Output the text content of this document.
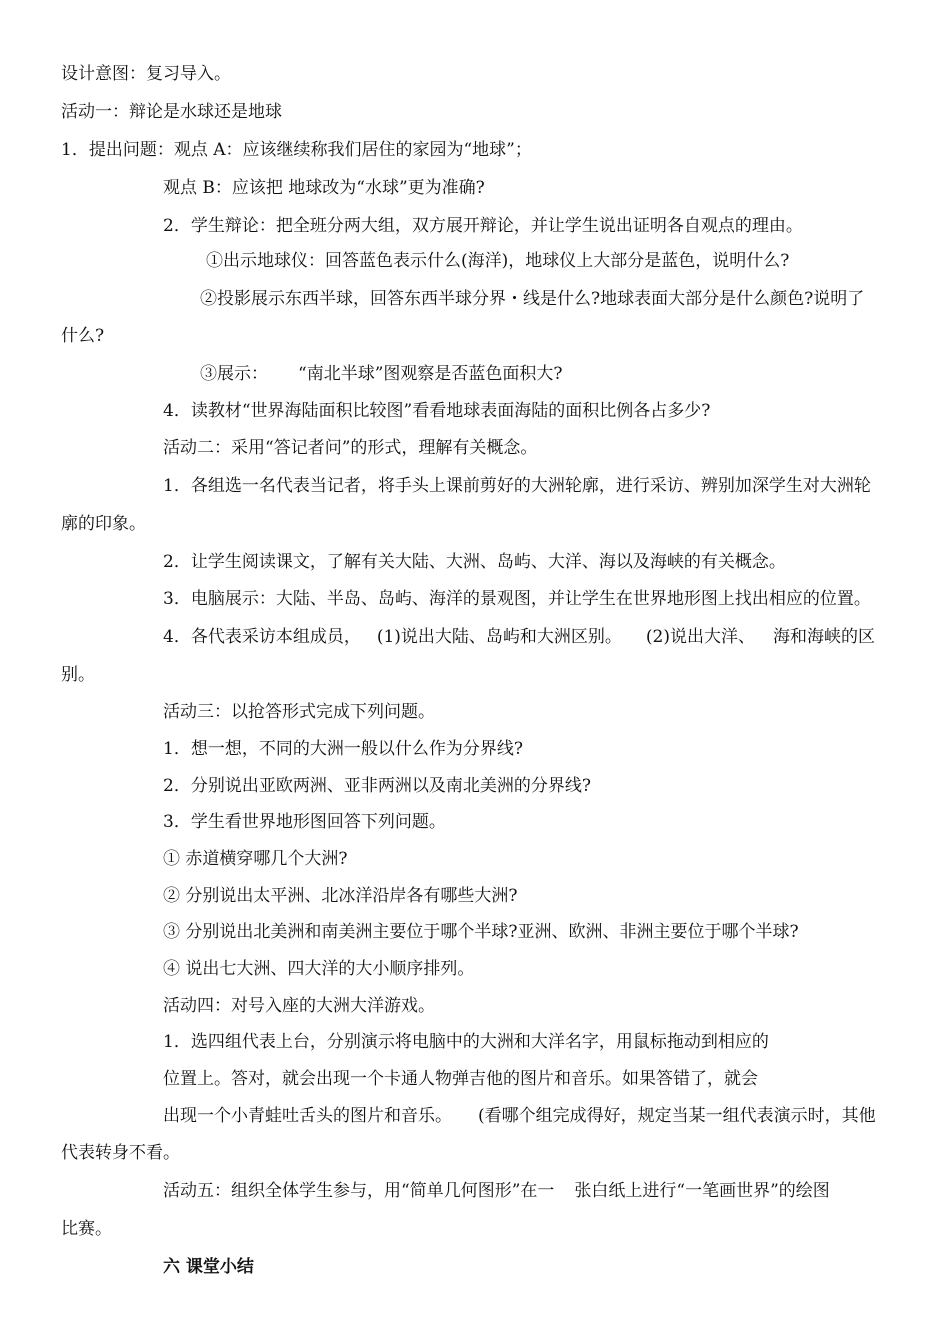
设计意图：复习导入。
活动一：辩论是水球还是地球
1．提出问题：观点 A：应该继续称我们居住的家园为“地球”；
观点 B：应该把 地球改为“水球”更为准确?
2．学生辩论：把全班分两大组，双方展开辩论，并让学生说出证明各自观点的理由。
①出示地球仪：回答蓝色表示什么(海洋)，地球仪上大部分是蓝色，说明什么?
②投影展示东西半球，回答东西半球分界・线是什么?地球表面大部分是什么颜色?说明了
什么?
③展示： “南北半球”图观察是否蓝色面积大?
4．读教材“世界海陆面积比较图”看看地球表面海陆的面积比例各占多少?
活动二：采用“答记者问”的形式，理解有关概念。
1．各组选一名代表当记者，将手头上课前剪好的大洲轮廓，进行采访、辨别加深学生对大洲轮
廓的印象。
2．让学生阅读课文，了解有关大陆、大洲、岛屿、大洋、海以及海峡的有关概念。
3．电脑展示：大陆、半岛、岛屿、海洋的景观图，并让学生在世界地形图上找出相应的位置。
4．各代表采访本组成员， (1)说出大陆、岛屿和大洲区别。 (2)说出大洋、 海和海峡的区
别。
活动三：以抢答形式完成下列问题。
1．想一想，不同的大洲一般以什么作为分界线?
2．分别说出亚欧两洲、亚非两洲以及南北美洲的分界线?
3．学生看世界地形图回答下列问题。
① 赤道横穿哪几个大洲?
② 分别说出太平洲、北冰洋沿岸各有哪些大洲?
③ 分别说出北美洲和南美洲主要位于哪个半球?亚洲、欧洲、非洲主要位于哪个半球?
④ 说出七大洲、四大洋的大小顺序排列。
活动四：对号入座的大洲大洋游戏。
1．选四组代表上台，分别演示将电脑中的大洲和大洋名字，用鼠标拖动到相应的
位置上。答对，就会出现一个卡通人物弹吉他的图片和音乐。如果答错了，就会
出现一个小青蛙吐舌头的图片和音乐。 (看哪个组完成得好，规定当某一组代表演示时，其他
代表转身不看。
活动五：组织全体学生参与，用“简单几何图形”在一 张白纸上进行“一笔画世界”的绘图
比赛。
六 课堂小结
